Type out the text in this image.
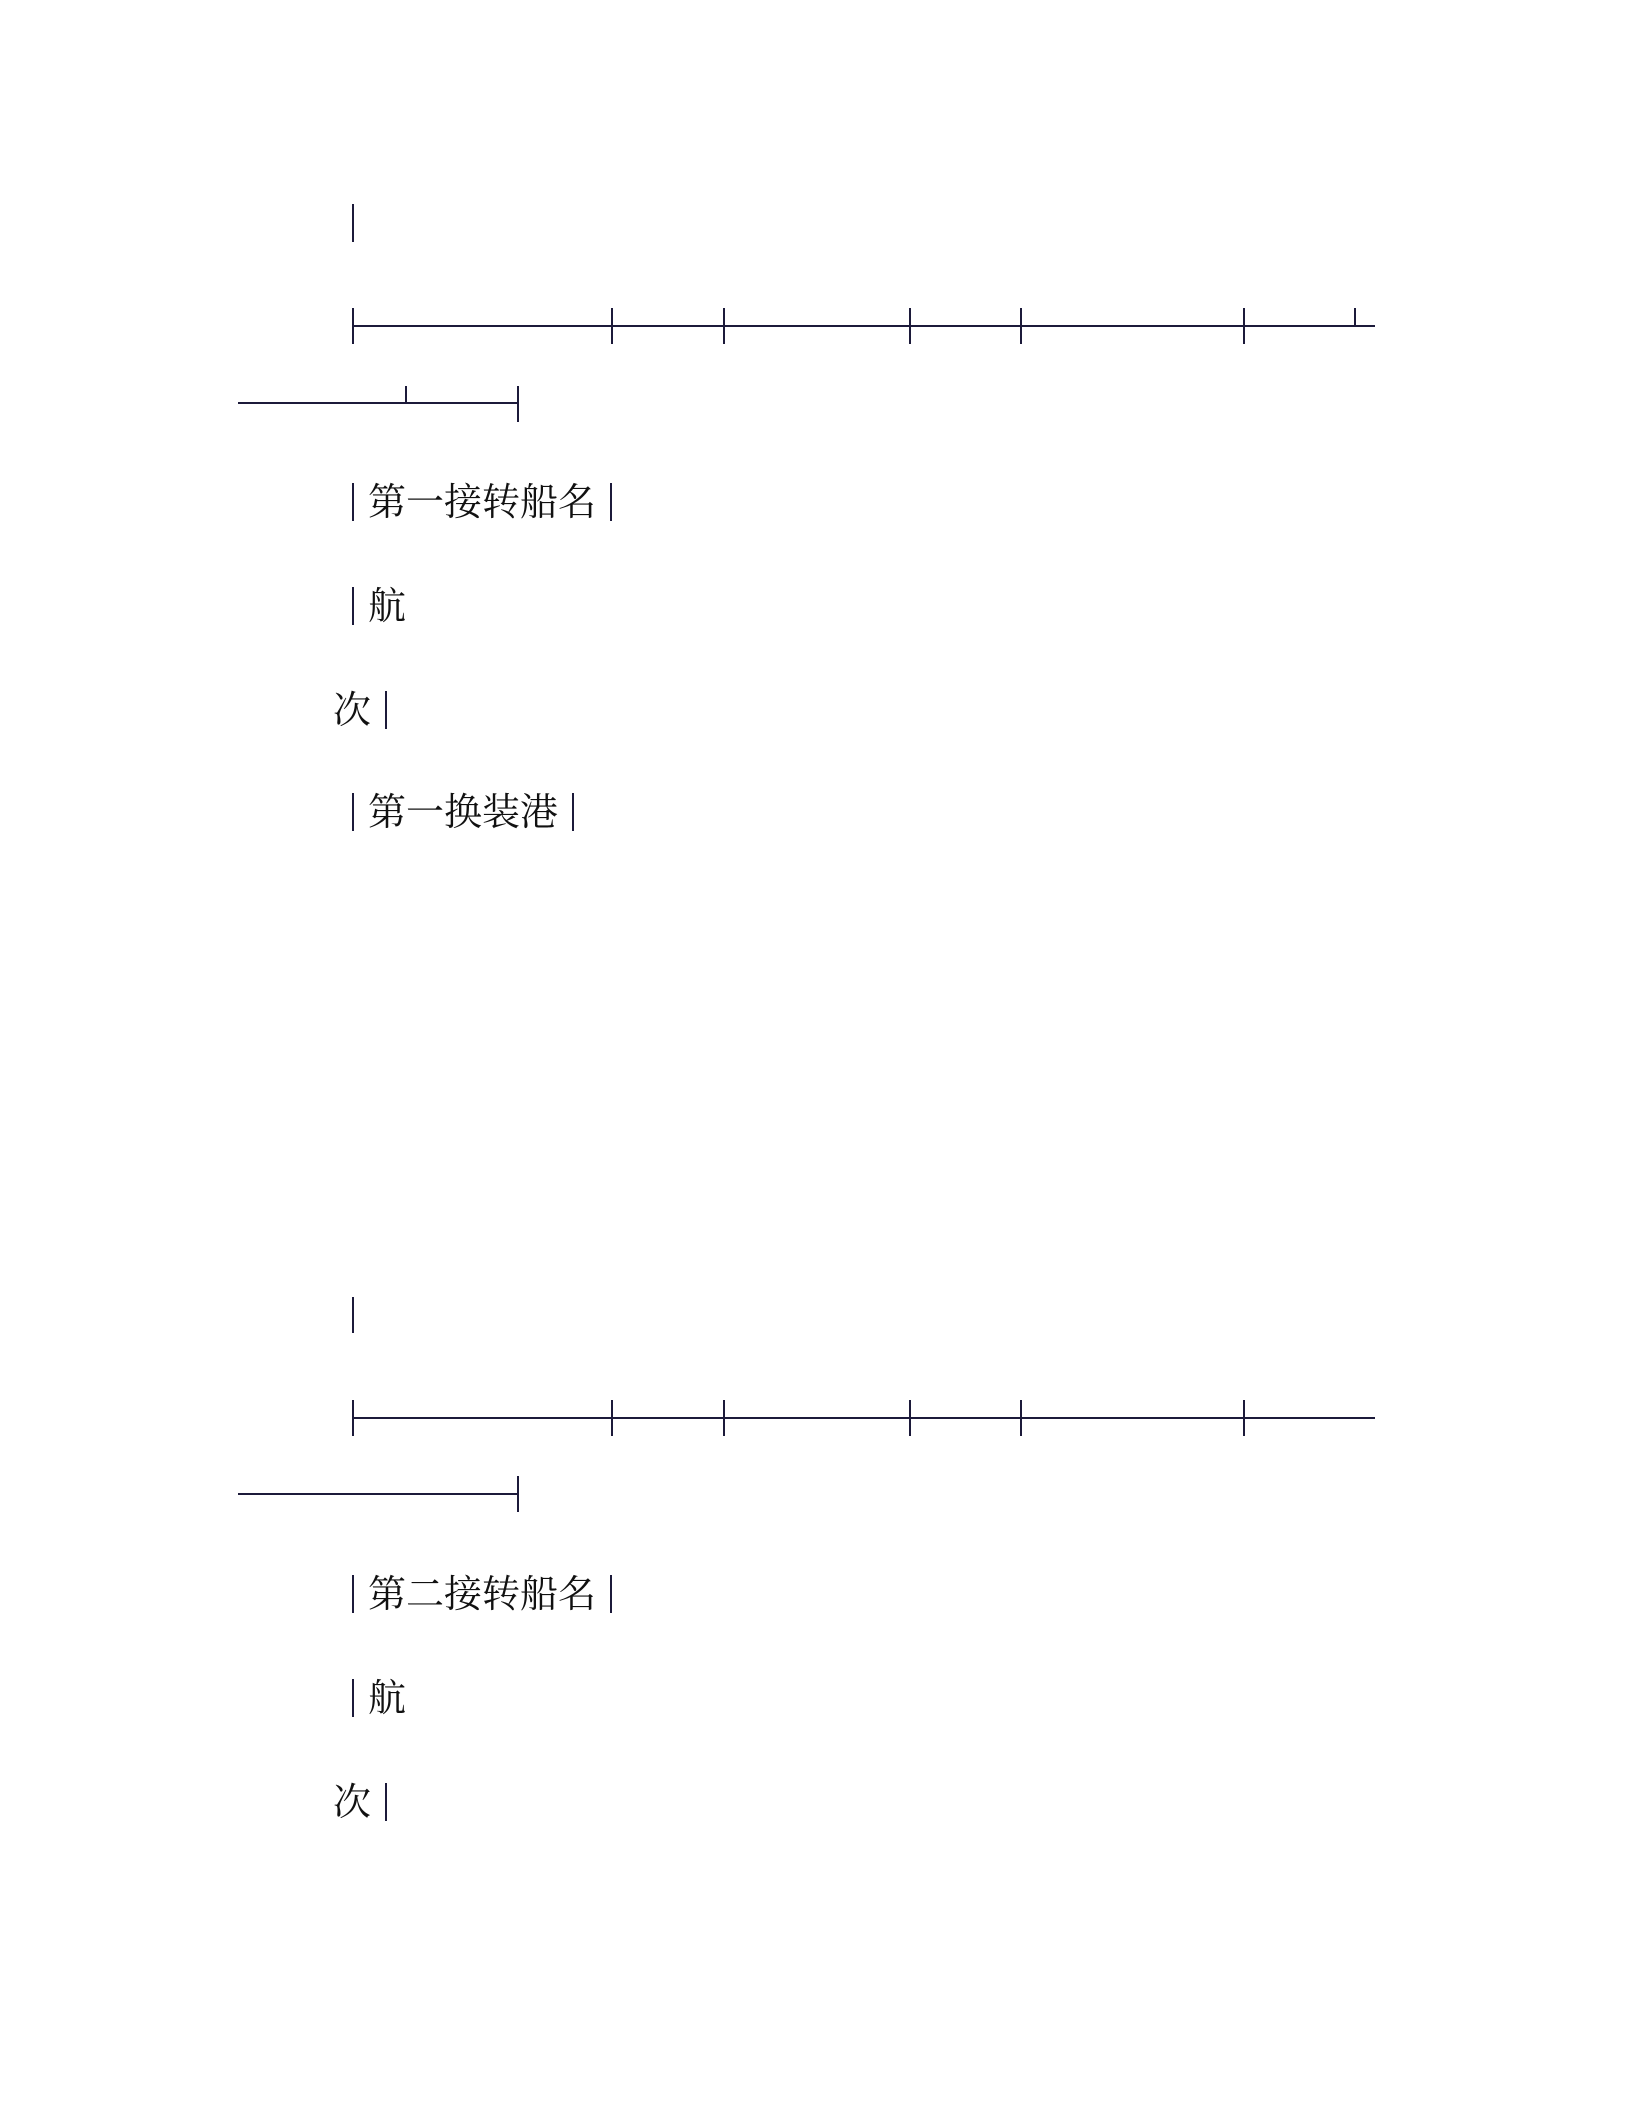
第一接转船名
航
次
第一换装港
第二接转船名
航
次
